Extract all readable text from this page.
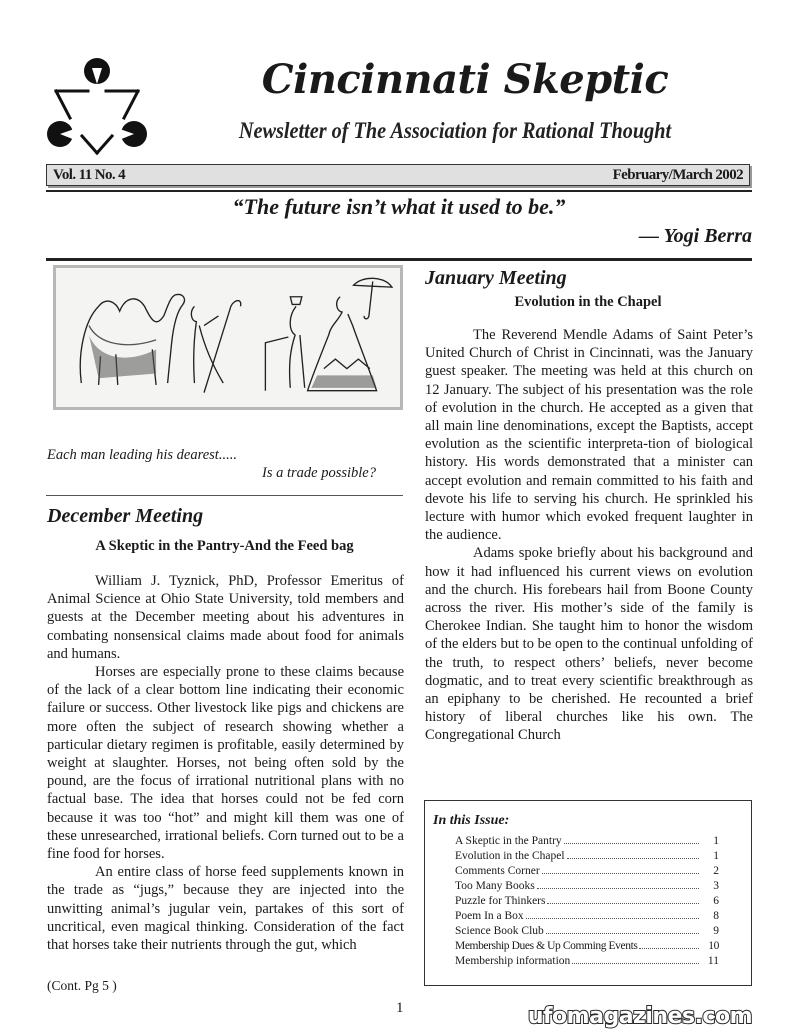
Cincinnati Skeptic
Newsletter of The Association for Rational Thought
Vol. 11 No. 4	February/March 2002
“The future isn’t what it used to be.”
— Yogi Berra
Each man leading his dearest.....
Is a trade possible?
December Meeting
A Skeptic in the Pantry-And the Feed bag

William J. Tyznick, PhD, Professor Emeritus of Animal Science at Ohio State University, told members and guests at the December meeting about his adventures in combating nonsensical claims made about food for animals and humans.

Horses are especially prone to these claims because of the lack of a clear bottom line indicating their economic failure or success. Other livestock like pigs and chickens are more often the subject of research showing whether a particular dietary regimen is profitable, easily determined by weight at slaughter. Horses, not being often sold by the pound, are the focus of irrational nutritional plans with no factual base. The idea that horses could not be fed corn because it was too “hot” and might kill them was one of these unresearched, irrational beliefs. Corn turned out to be a fine food for horses.

An entire class of horse feed supplements known in the trade as “jugs,” because they are injected into the unwitting animal’s jugular vein, partakes of this sort of uncritical, even magical thinking. Consideration of the fact that horses take their nutrients through the gut, which

(Cont. Pg 5 )
January Meeting
Evolution in the Chapel

The Reverend Mendle Adams of Saint Peter’s United Church of Christ in Cincinnati, was the January guest speaker. The meeting was held at this church on 12 January. The subject of his presentation was the role of evolution in the church. He accepted as a given that all main line denominations, except the Baptists, accept evolution as the scientific interpreta-tion of biological history. His words demonstrated that a minister can accept evolution and remain committed to his faith and devote his life to serving his church. He sprinkled his lecture with humor which evoked frequent laughter in the audience.

Adams spoke briefly about his background and how it had influenced his current views on evolution and the church. His forebears hail from Boone County across the river. His mother’s side of the family is Cherokee Indian. She taught him to honor the wisdom of the elders but to be open to the continual unfolding of the truth, to respect others’ beliefs, never become dogmatic, and to treat every scientific breakthrough as an epiphany to be cherished. He recounted a brief history of liberal churches like his own. The Congregational Church

In this Issue:
A Skeptic in the Pantry	1
Evolution in the Chapel	1
Comments Corner	2
Too Many Books	3
Puzzle for Thinkers	6
Poem In a Box	8
Science Book Club	9
Membership Dues & Up Comming Events	10
Membership information	11
1	ufomagazines.com
